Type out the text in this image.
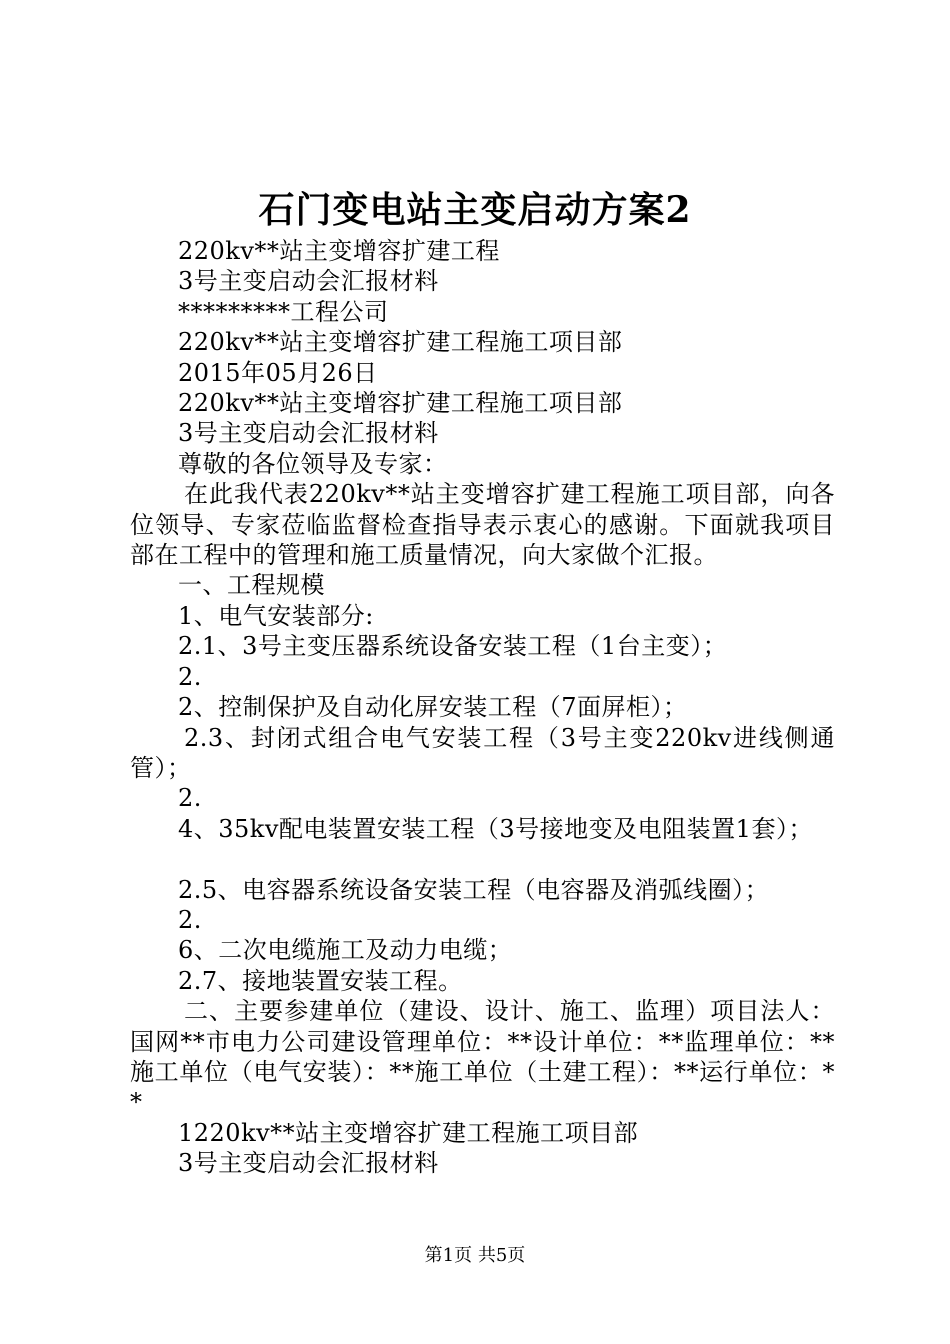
石门变电站主变启动方案2
220kv**站主变增容扩建工程
3号主变启动会汇报材料
*********工程公司
220kv**站主变增容扩建工程施工项目部
2015年05月26日
220kv**站主变增容扩建工程施工项目部
3号主变启动会汇报材料
尊敬的各位领导及专家：
在此我代表220kv**站主变增容扩建工程施工项目部，向各位领导、专家莅临监督检查指导表示衷心的感谢。下面就我项目部在工程中的管理和施工质量情况，向大家做个汇报。
一、工程规模
1、电气安装部分:
2.1、3号主变压器系统设备安装工程（1台主变）；
2.
2、控制保护及自动化屏安装工程（7面屏柜）；
2.3、封闭式组合电气安装工程（3号主变220kv进线侧通管）；
2.
4、35kv配电装置安装工程（3号接地变及电阻装置1套）；
2.5、电容器系统设备安装工程（电容器及消弧线圈）；
2.
6、二次电缆施工及动力电缆；
2.7、接地装置安装工程。
二、主要参建单位（建设、设计、施工、监理）项目法人：国网**市电力公司建设管理单位：**设计单位：**监理单位：**施工单位（电气安装）：**施工单位（土建工程）：**运行单位：**
1220kv**站主变增容扩建工程施工项目部
3号主变启动会汇报材料
第1页 共5页
